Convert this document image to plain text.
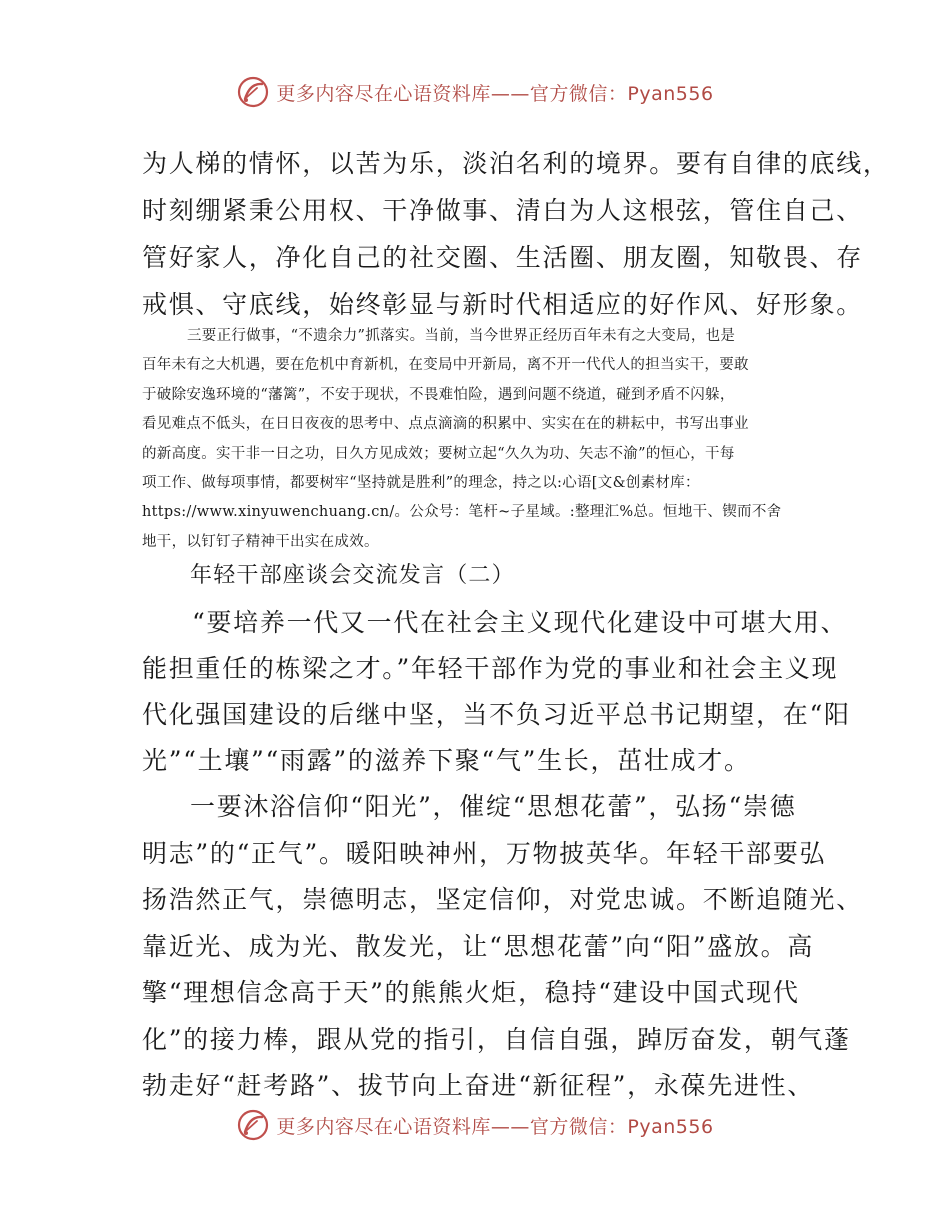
更多内容尽在心语资料库——官方微信：Pyan556
为人梯的情怀，以苦为乐，淡泊名利的境界。要有自律的底线，
时刻绷紧秉公用权、干净做事、清白为人这根弦，管住自己、
管好家人，净化自己的社交圈、生活圈、朋友圈，知敬畏、存
戒惧、守底线，始终彰显与新时代相适应的好作风、好形象。
三要正行做事，“不遗余力”抓落实。当前，当今世界正经历百年未有之大变局，也是
百年未有之大机遇，要在危机中育新机，在变局中开新局，离不开一代代人的担当实干，要敢
于破除安逸环境的“藩篱”，不安于现状，不畏难怕险，遇到问题不绕道，碰到矛盾不闪躲，
看见难点不低头，在日日夜夜的思考中、点点滴滴的积累中、实实在在的耕耘中，书写出事业
的新高度。实干非一日之功，日久方见成效；要树立起“久久为功、矢志不渝”的恒心，干每
项工作、做每项事情，都要树牢“坚持就是胜利”的理念，持之以:心语[文&创素材库：
https://www.xinyuwenchuang.cn/。公众号：笔杆~子星域。:整理汇%总。恒地干、锲而不舍
地干，以钉钉子精神干出实在成效。
年轻干部座谈会交流发言（二）
“要培养一代又一代在社会主义现代化建设中可堪大用、
能担重任的栋梁之才。”年轻干部作为党的事业和社会主义现
代化强国建设的后继中坚，当不负习近平总书记期望，在“阳
光”“土壤”“雨露”的滋养下聚“气”生长，茁壮成才。
一要沐浴信仰“阳光”，催绽“思想花蕾”，弘扬“崇德
明志”的“正气”。暖阳映神州，万物披英华。年轻干部要弘
扬浩然正气，崇德明志，坚定信仰，对党忠诚。不断追随光、
靠近光、成为光、散发光，让“思想花蕾”向“阳”盛放。高
擎“理想信念高于天”的熊熊火炬，稳持“建设中国式现代
化”的接力棒，跟从党的指引，自信自强，踔厉奋发，朝气蓬
勃走好“赶考路”、拔节向上奋进“新征程”，永葆先进性、
更多内容尽在心语资料库——官方微信：Pyan556
